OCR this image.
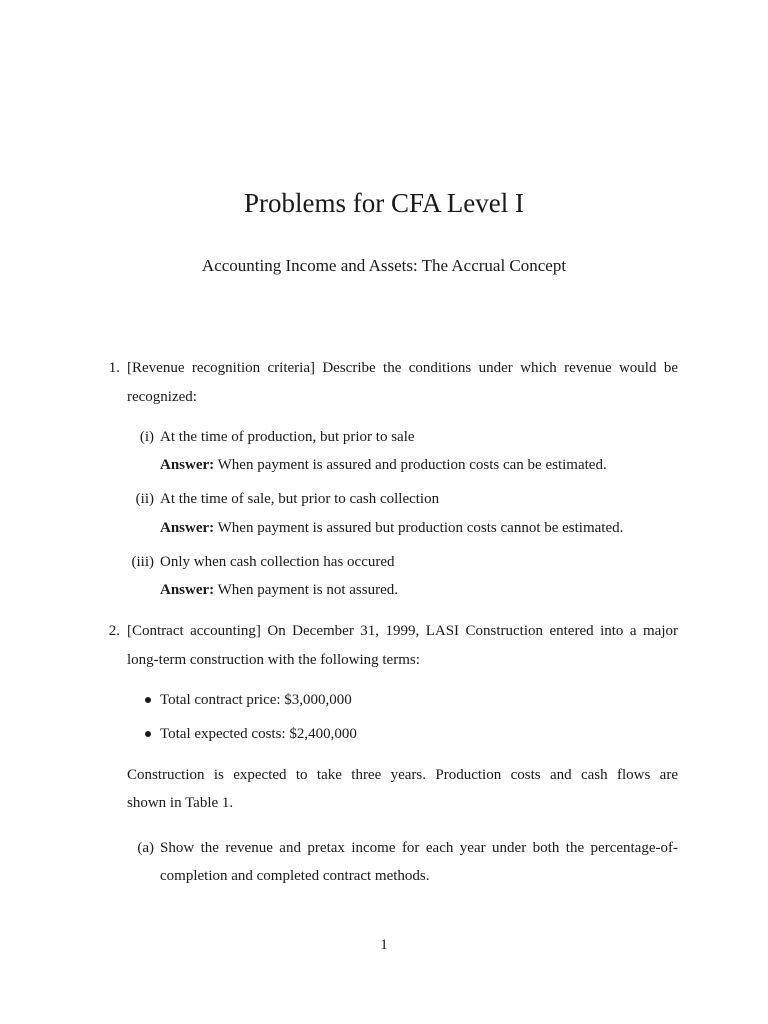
Problems for CFA Level I
Accounting Income and Assets: The Accrual Concept
1. [Revenue recognition criteria] Describe the conditions under which revenue would be
recognized:
(i) At the time of production, but prior to sale
Answer: When payment is assured and production costs can be estimated.
(ii) At the time of sale, but prior to cash collection
Answer: When payment is assured but production costs cannot be estimated.
(iii) Only when cash collection has occured
Answer: When payment is not assured.
2. [Contract accounting] On December 31, 1999, LASI Construction entered into a major
long-term construction with the following terms:
Total contract price: $3,000,000
Total expected costs: $2,400,000
Construction is expected to take three years. Production costs and cash flows are
shown in Table 1.
(a) Show the revenue and pretax income for each year under both the percentage-of-
completion and completed contract methods.
1
